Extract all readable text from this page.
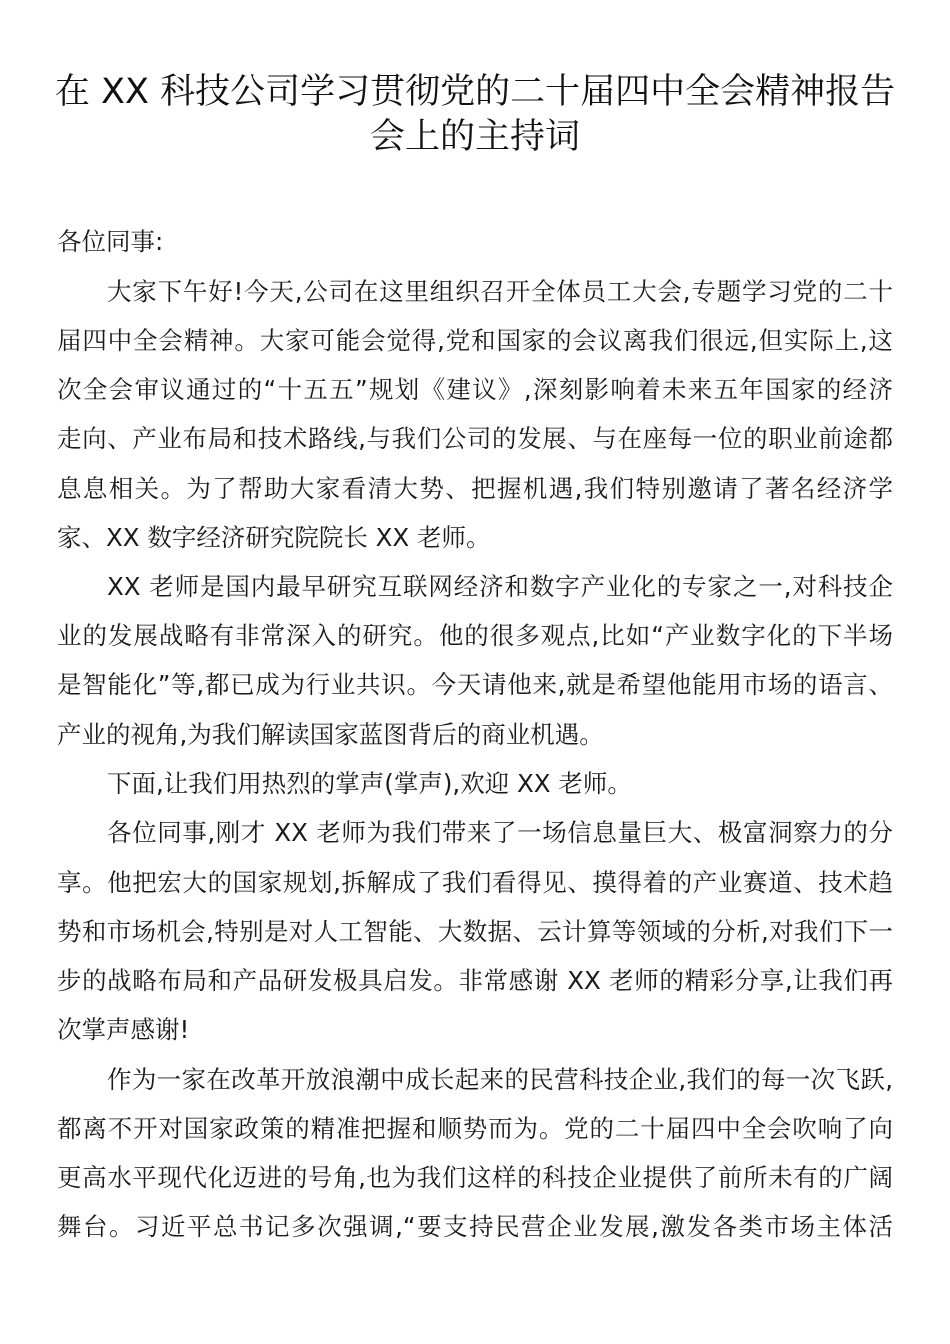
在 XX 科技公司学习贯彻党的二十届四中全会精神报告
会上的主持词
各位同事:
大家下午好!今天,公司在这里组织召开全体员工大会,专题学习党的二十
届四中全会精神。大家可能会觉得,党和国家的会议离我们很远,但实际上,这
次全会审议通过的“十五五”规划《建议》,深刻影响着未来五年国家的经济
走向、产业布局和技术路线,与我们公司的发展、与在座每一位的职业前途都
息息相关。为了帮助大家看清大势、把握机遇,我们特别邀请了著名经济学
家、XX 数字经济研究院院长 XX 老师。
XX 老师是国内最早研究互联网经济和数字产业化的专家之一,对科技企
业的发展战略有非常深入的研究。他的很多观点,比如“产业数字化的下半场
是智能化”等,都已成为行业共识。今天请他来,就是希望他能用市场的语言、
产业的视角,为我们解读国家蓝图背后的商业机遇。
下面,让我们用热烈的掌声(掌声),欢迎 XX 老师。
各位同事,刚才 XX 老师为我们带来了一场信息量巨大、极富洞察力的分
享。他把宏大的国家规划,拆解成了我们看得见、摸得着的产业赛道、技术趋
势和市场机会,特别是对人工智能、大数据、云计算等领域的分析,对我们下一
步的战略布局和产品研发极具启发。非常感谢 XX 老师的精彩分享,让我们再
次掌声感谢!
作为一家在改革开放浪潮中成长起来的民营科技企业,我们的每一次飞跃,
都离不开对国家政策的精准把握和顺势而为。党的二十届四中全会吹响了向
更高水平现代化迈进的号角,也为我们这样的科技企业提供了前所未有的广阔
舞台。习近平总书记多次强调,“要支持民营企业发展,激发各类市场主体活
